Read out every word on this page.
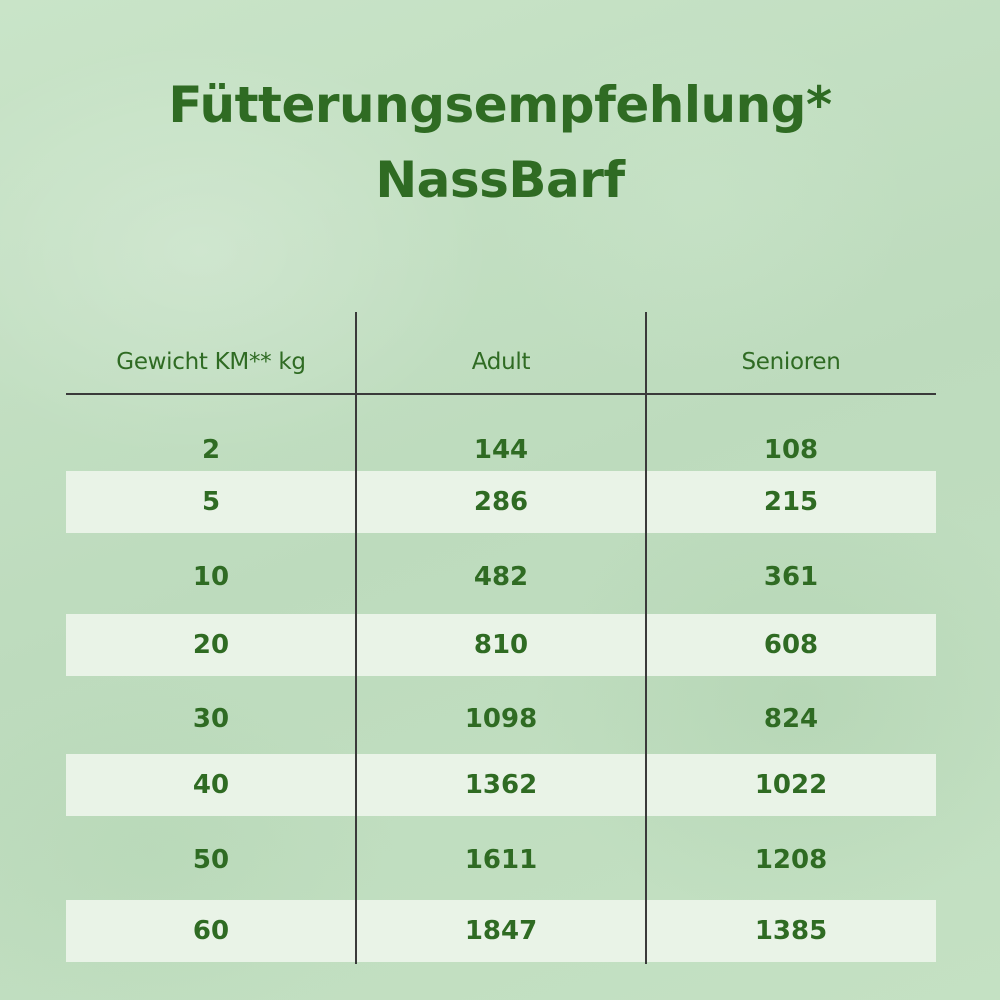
Fütterungsempfehlung*
NassBarf
Gewicht KM** kg	Adult	Senioren
2	144	108
5	286	215
10	482	361
20	810	608
30	1098	824
40	1362	1022
50	1611	1208
60	1847	1385
